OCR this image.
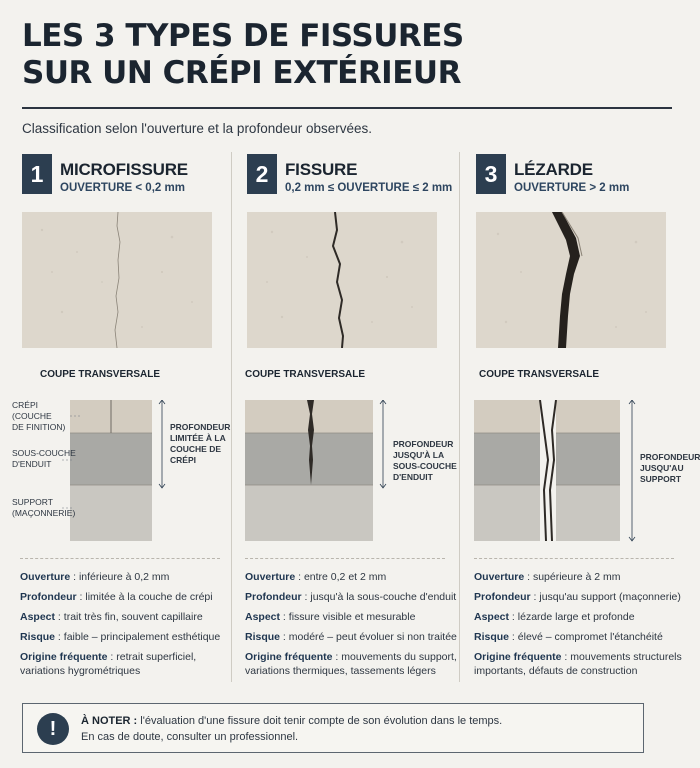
LES 3 TYPES DE FISSURES
SUR UN CRÉPI EXTÉRIEUR
Classification selon l'ouverture et la profondeur observées.
1 MICROFISSURE
OUVERTURE < 0,2 mm
COUPE TRANSVERSALE
CRÉPI
(COUCHE
DE FINITION)
SOUS-COUCHE
D'ENDUIT
SUPPORT
(MAÇONNERIE)
PROFONDEUR
LIMITÉE À LA
COUCHE DE
CRÉPI

Ouverture : inférieure à 0,2 mm

Profondeur : limitée à la couche de crépi

Aspect : trait très fin, souvent capillaire

Risque : faible – principalement esthétique

Origine fréquente : retrait superficiel, variations hygrométriques

2 FISSURE
0,2 mm ≤ OUVERTURE ≤ 2 mm
COUPE TRANSVERSALE
PROFONDEUR
JUSQU'À LA
SOUS-COUCHE
D'ENDUIT

Ouverture : entre 0,2 et 2 mm

Profondeur : jusqu'à la sous-couche d'enduit

Aspect : fissure visible et mesurable

Risque : modéré – peut évoluer si non traitée

Origine fréquente : mouvements du support, variations thermiques, tassements légers

3 LÉZARDE
OUVERTURE > 2 mm
COUPE TRANSVERSALE
PROFONDEUR
JUSQU'AU
SUPPORT

Ouverture : supérieure à 2 mm

Profondeur : jusqu'au support (maçonnerie)

Aspect : lézarde large et profonde

Risque : élevé – compromet l'étanchéité

Origine fréquente : mouvements structurels importants, défauts de construction

!	À NOTER : l'évaluation d'une fissure doit tenir compte de son évolution dans le temps.
En cas de doute, consulter un professionnel.
